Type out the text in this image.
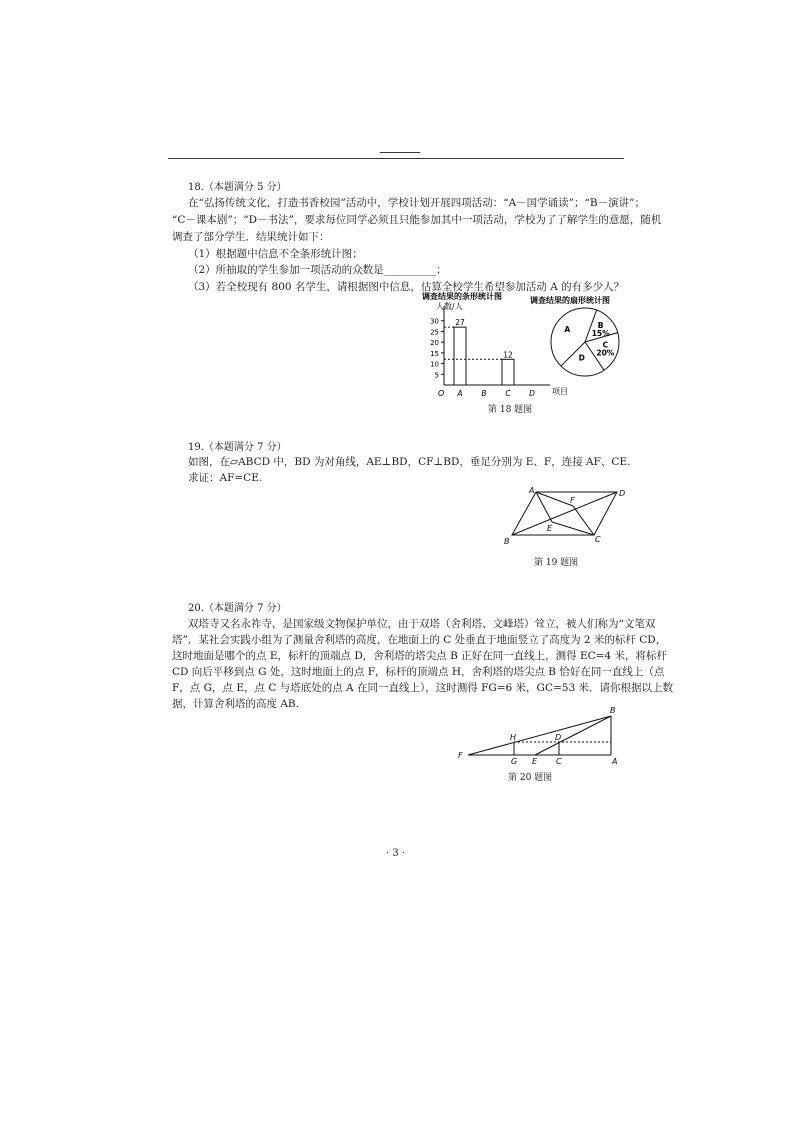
18.（本题满分 5 分）
在“弘扬传统文化，打造书香校园”活动中，学校计划开展四项活动：“A－国学诵读”；“B－演讲”；
“C－课本剧”；“D－书法”，要求每位同学必须且只能参加其中一项活动，学校为了了解学生的意愿，随机
调查了部分学生．结果统计如下：
（1）根据题中信息不全条形统计图；
（2）所抽取的学生参加一项活动的众数是__________；
（3）若全校现有 800 名学生，请根据图中信息，估算全校学生希望参加活动 A 的有多少人？
调查结果的条形统计图
人数/人
项目
O
5
10
15
20
25
30
A
27
B	C
12
D
调查结果的扇形统计图
A	B
15%
C
20%
D
第 18 题图
19.（本题满分 7 分）
如图，在▱ABCD 中，BD 为对角线，AE⊥BD，CF⊥BD，垂足分别为 E、F，连接 AF、CE.
求证：AF=CE.
A	D
B	C
E
F
第 19 题图
20.（本题满分 7 分）
双塔寺又名永祚寺，是国家级文物保护单位，由于双塔（舍利塔、文峰塔）耸立，被人们称为“文笔双
塔”．某社会实践小组为了测量舍利塔的高度，在地面上的 C 处垂直于地面竖立了高度为 2 米的标杆 CD，
这时地面是哪个的点 E，标杆的顶端点 D，舍利塔的塔尖点 B 正好在同一直线上，测得 EC=4 米，将标杆
CD 向后平移到点 G 处，这时地面上的点 F，标杆的顶端点 H，舍利塔的塔尖点 B 恰好在同一直线上（点
F，点 G，点 E，点 C 与塔底处的点 A 在同一直线上），这时测得 FG=6 米，GC=53 米．请你根据以上数
据，计算舍利塔的高度 AB.
F
G E C	A
B
H	D
第 20 题图
· 3 ·
